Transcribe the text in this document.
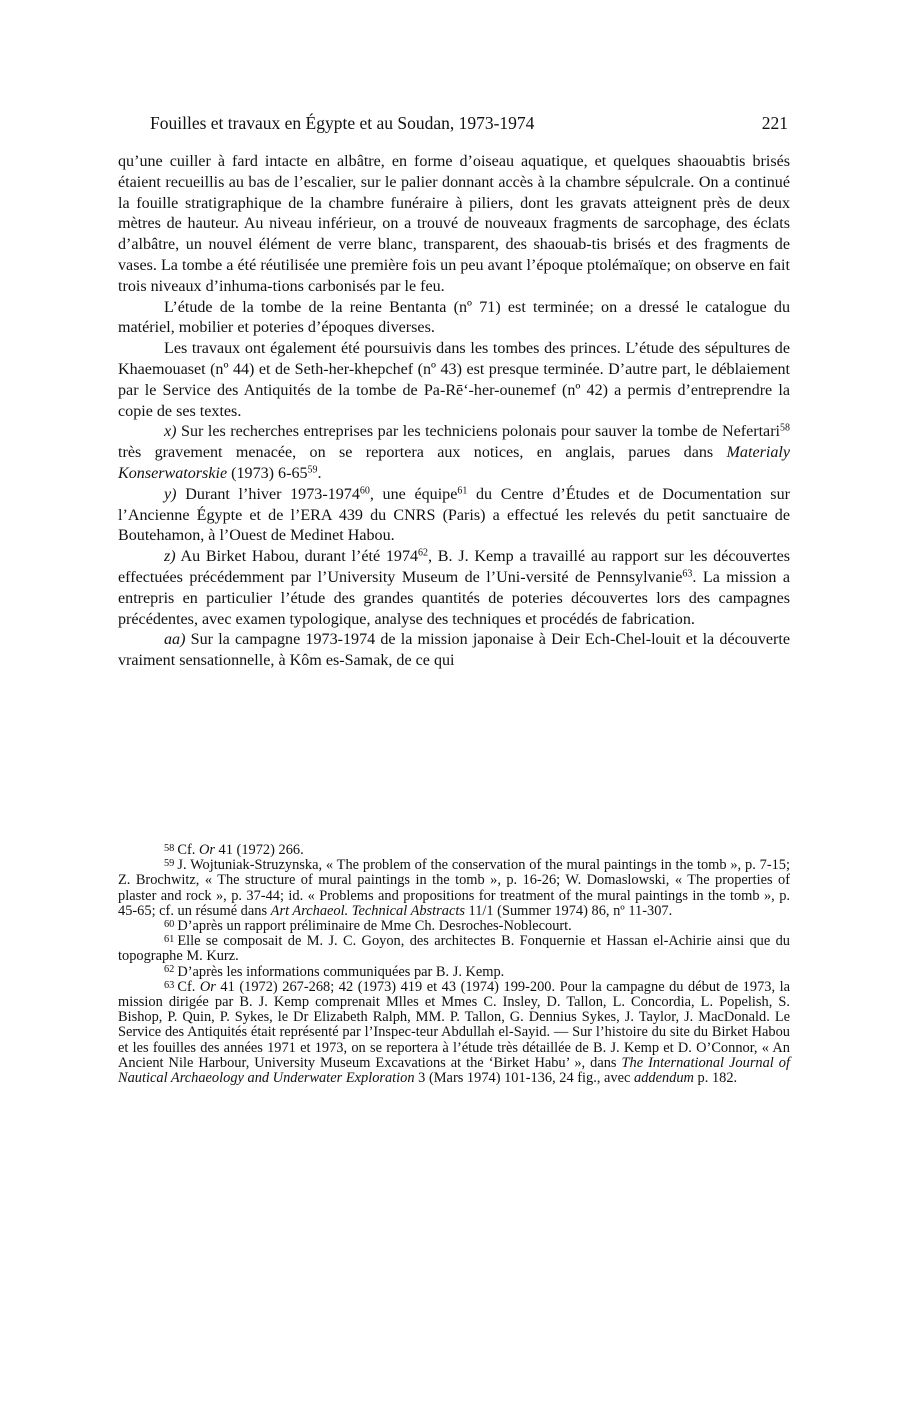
Fouilles et travaux en Égypte et au Soudan, 1973-1974	221

qu’une cuiller à fard intacte en albâtre, en forme d’oiseau aquatique, et quelques shaouabtis brisés étaient recueillis au bas de l’escalier, sur le palier donnant accès à la chambre sépulcrale. On a continué la fouille stratigraphique de la chambre funéraire à piliers, dont les gravats atteignent près de deux mètres de hauteur. Au niveau inférieur, on a trouvé de nouveaux fragments de sarcophage, des éclats d’albâtre, un nouvel élément de verre blanc, transparent, des shaouab-tis brisés et des fragments de vases. La tombe a été réutilisée une première fois un peu avant l’époque ptolémaïque; on observe en fait trois niveaux d’inhuma-tions carbonisés par le feu.

L’étude de la tombe de la reine Bentanta (nº 71) est terminée; on a dressé le catalogue du matériel, mobilier et poteries d’époques diverses.

Les travaux ont également été poursuivis dans les tombes des princes. L’étude des sépultures de Khaemouaset (nº 44) et de Seth-her-khepchef (nº 43) est presque terminée. D’autre part, le déblaiement par le Service des Antiquités de la tombe de Pa-Rē‘-her-ounemef (nº 42) a permis d’entreprendre la copie de ses textes.

x) Sur les recherches entreprises par les techniciens polonais pour sauver la tombe de Nefertari$^{58}$ très gravement menacée, on se reportera aux notices, en anglais, parues dans Materialy Konserwatorskie (1973) $6-65^{59}$.

y) Durant l’hiver 1973-1974$^{60}$, une équipe$^{61}$ du Centre d’Études et de Documentation sur l’Ancienne Égypte et de l’ERA 439 du CNRS (Paris) a effectué les relevés du petit sanctuaire de Boutehamon, à l’Ouest de Medinet Habou.

z) Au Birket Habou, durant l’été 1974$^{62}$, B. J. Kemp a travaillé au rapport sur les découvertes effectuées précédemment par l’University Museum de l’Uni-versité de Pennsylvanie$^{63}$. La mission a entrepris en particulier l’étude des grandes quantités de poteries découvertes lors des campagnes précédentes, avec examen typologique, analyse des techniques et procédés de fabrication.

aa) Sur la campagne 1973-1974 de la mission japonaise à Deir Ech-Chel-louit et la découverte vraiment sensationnelle, à Kôm es-Samak, de ce qui

$^{58}$ Cf. Or 41 (1972) 266.

$^{59}$ J. Wojtuniak-Struzynska, « The problem of the conservation of the mural paintings in the tomb », p. 7-15; Z. Brochwitz, « The structure of mural paintings in the tomb », p. 16-26; W. Domaslowski, « The properties of plaster and rock », p. 37-44; id. « Problems and propositions for treatment of the mural paintings in the tomb », p. 45-65; cf. un résumé dans Art Archaeol. Technical Abstracts 11/1 (Summer 1974) 86, nº 11-307.

$^{60}$ D’après un rapport préliminaire de Mme Ch. Desroches-Noblecourt.

$^{61}$ Elle se composait de M. J. C. Goyon, des architectes B. Fonquernie et Hassan el-Achirie ainsi que du topographe M. Kurz.

$^{62}$ D’après les informations communiquées par B. J. Kemp.

$^{63}$ Cf. Or 41 (1972) 267-268; 42 (1973) 419 et 43 (1974) 199-200. Pour la campagne du début de 1973, la mission dirigée par B. J. Kemp comprenait Mlles et Mmes C. Insley, D. Tallon, L. Concordia, L. Popelish, S. Bishop, P. Quin, P. Sykes, le Dr Elizabeth Ralph, MM. P. Tallon, G. Dennius Sykes, J. Taylor, J. MacDonald. Le Service des Antiquités était représenté par l’Inspec-teur Abdullah el-Sayid. — Sur l’histoire du site du Birket Habou et les fouilles des années 1971 et 1973, on se reportera à l’étude très détaillée de B. J. Kemp et D. O’Connor, « An Ancient Nile Harbour, University Museum Excavations at the ‘Birket Habu’ », dans The International Journal of Nautical Archaeology and Underwater Exploration 3 (Mars 1974) 101-136, 24 fig., avec addendum p. 182.
